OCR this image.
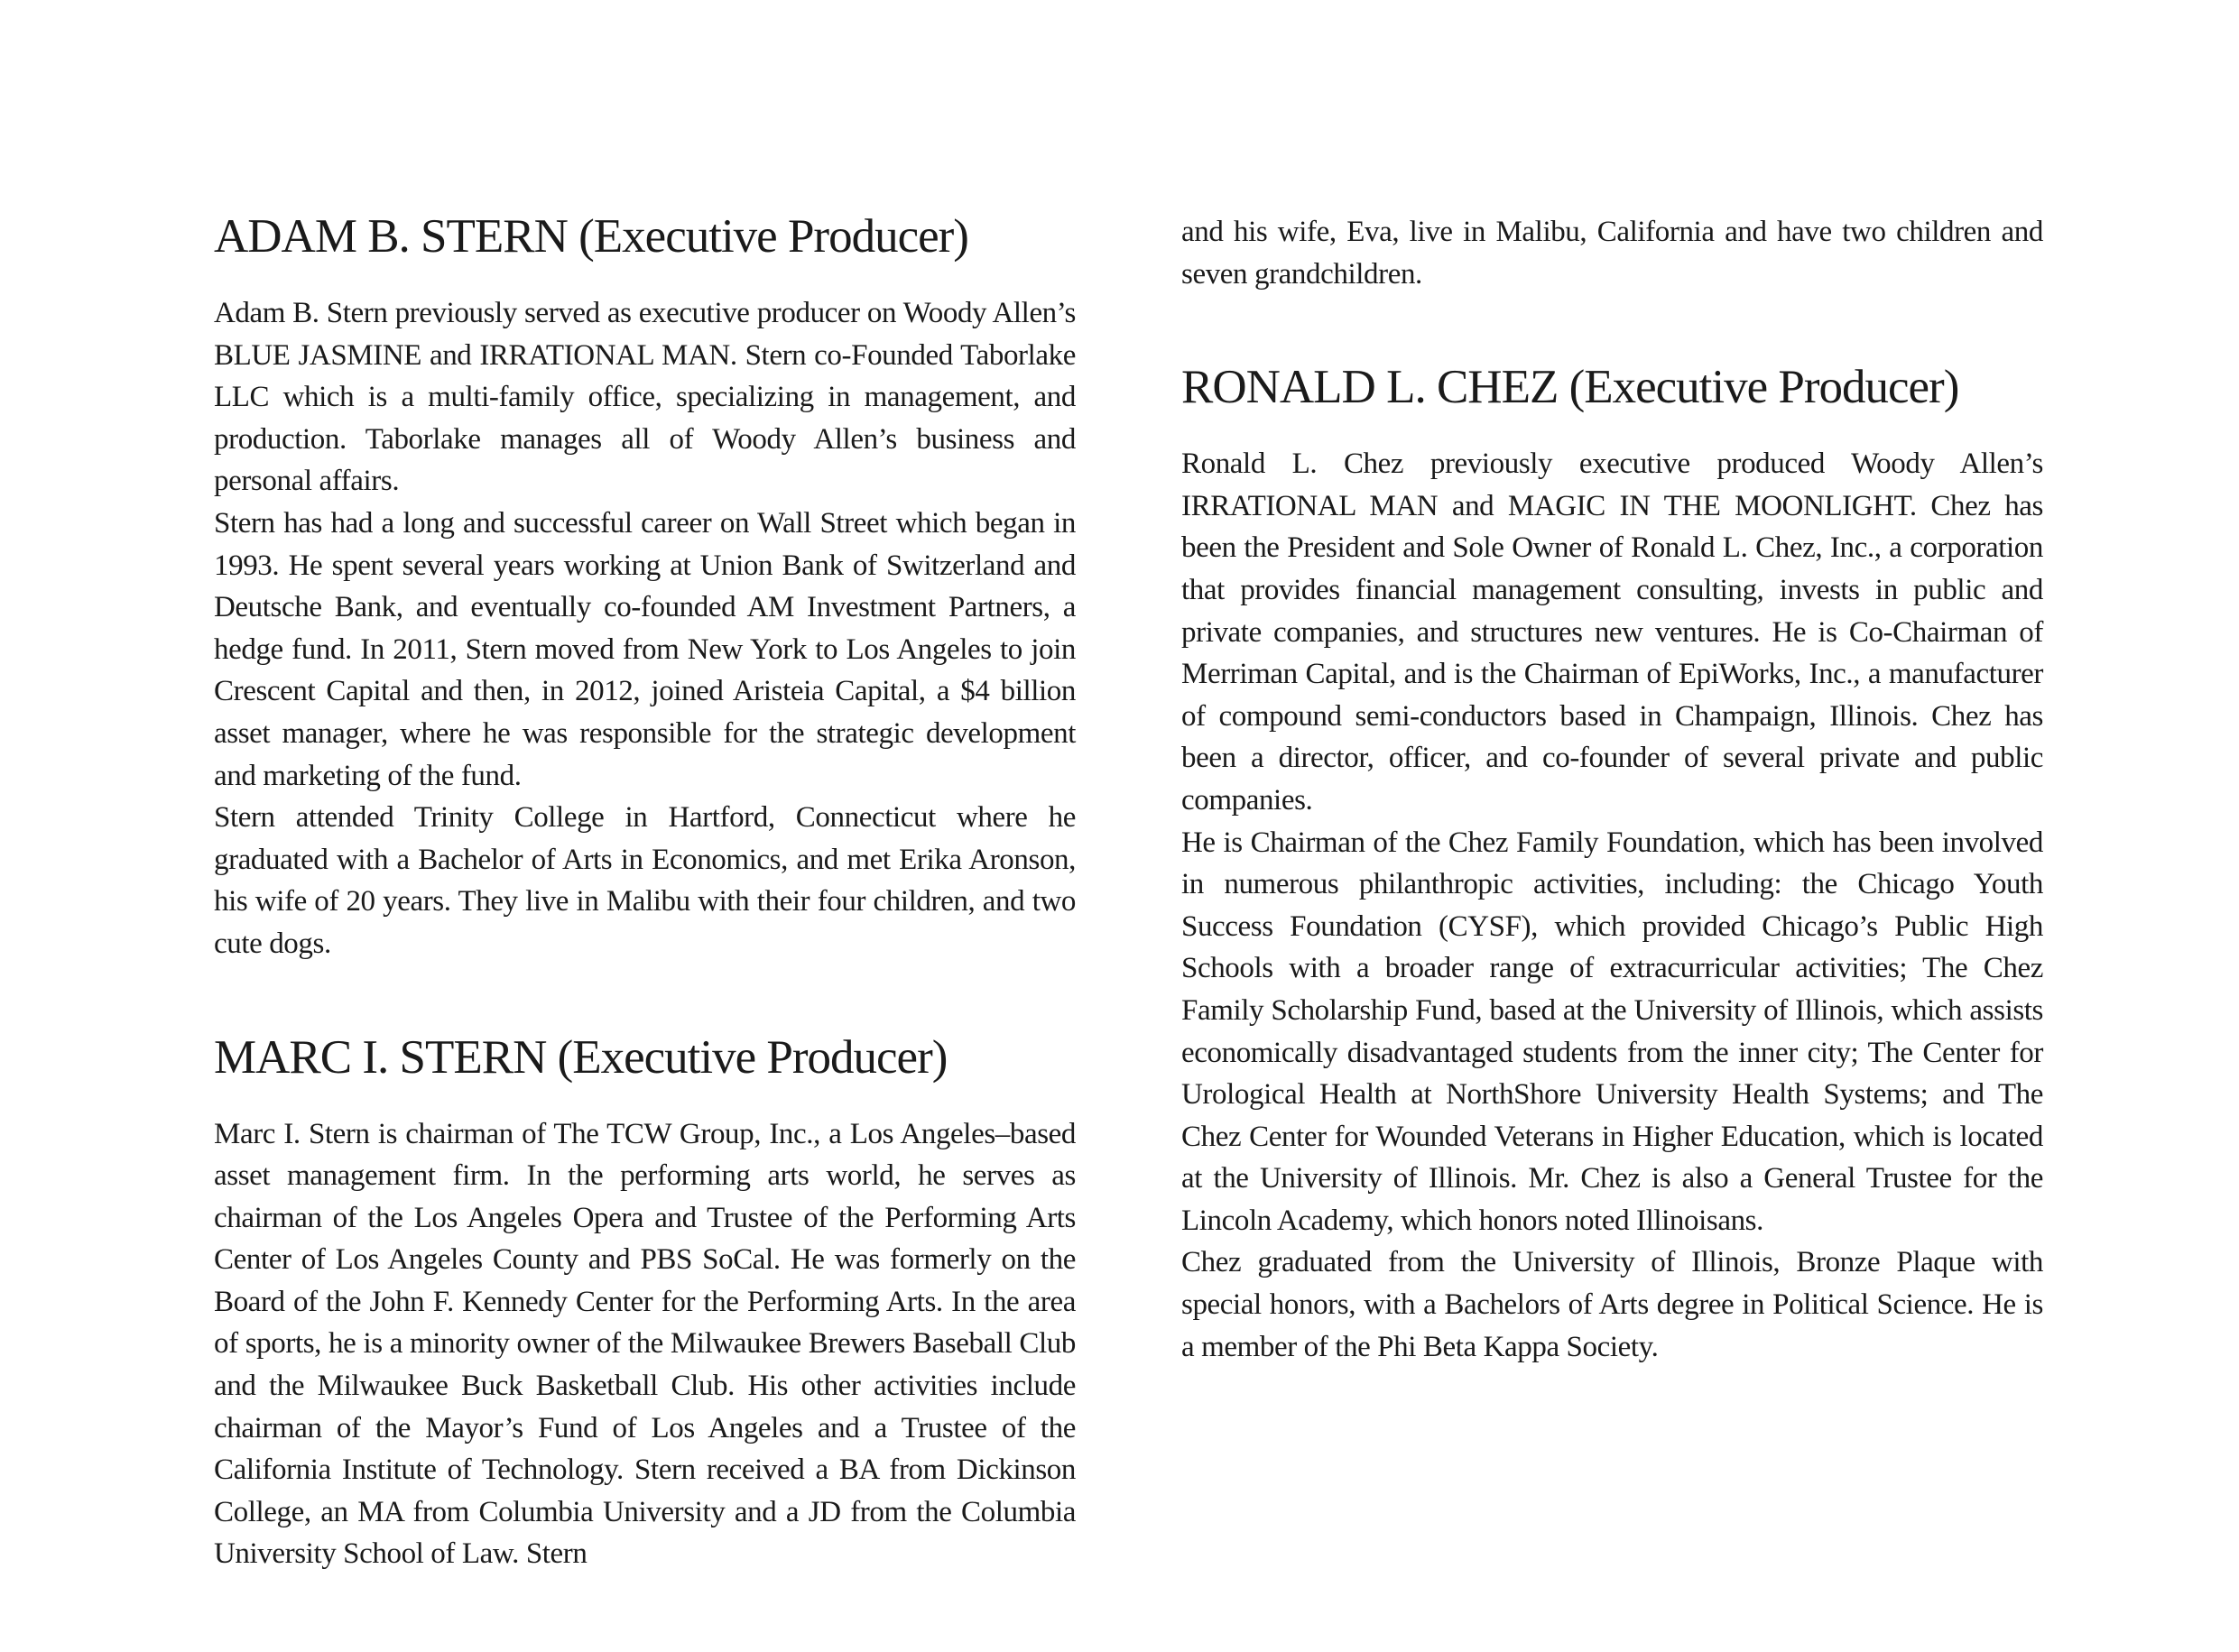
ADAM B. STERN (Executive Producer)

Adam B. Stern previously served as executive producer on Woody Allen’s BLUE JASMINE and IRRATIONAL MAN. Stern co-Founded Taborlake LLC which is a multi-family office, specializing in management, and production. Taborlake manages all of Woody Allen’s business and personal affairs.

Stern has had a long and successful career on Wall Street which began in 1993. He spent several years working at Union Bank of Switzerland and Deutsche Bank, and eventually co-founded AM Investment Partners, a hedge fund. In 2011, Stern moved from New York to Los Angeles to join Crescent Capital and then, in 2012, joined Aristeia Capital, a $4 billion asset manager, where he was responsible for the strategic development and marketing of the fund.

Stern attended Trinity College in Hartford, Connecticut where he graduated with a Bachelor of Arts in Economics, and met Erika Aronson, his wife of 20 years. They live in Malibu with their four children, and two cute dogs.

MARC I. STERN (Executive Producer)

Marc I. Stern is chairman of The TCW Group, Inc., a Los Angeles–based asset management firm. In the performing arts world, he serves as chairman of the Los Angeles Opera and Trustee of the Performing Arts Center of Los Angeles County and PBS SoCal. He was formerly on the Board of the John F. Kennedy Center for the Performing Arts. In the area of sports, he is a minority owner of the Milwaukee Brewers Baseball Club and the Milwaukee Buck Basketball Club. His other activities include chairman of the Mayor’s Fund of Los Angeles and a Trustee of the California Institute of Technology. Stern received a BA from Dickinson College, an MA from Columbia University and a JD from the Columbia University School of Law. Stern

and his wife, Eva, live in Malibu, California and have two children and seven grandchildren.

RONALD L. CHEZ (Executive Producer)

Ronald L. Chez previously executive produced Woody Allen’s IRRATIONAL MAN and MAGIC IN THE MOONLIGHT. Chez has been the President and Sole Owner of Ronald L. Chez, Inc., a corporation that provides financial management consulting, invests in public and private companies, and structures new ventures. He is Co-Chairman of Merriman Capital, and is the Chairman of EpiWorks, Inc., a manufacturer of compound semi-conductors based in Champaign, Illinois. Chez has been a director, officer, and co-founder of several private and public companies.

He is Chairman of the Chez Family Foundation, which has been involved in numerous philanthropic activities, including: the Chicago Youth Success Foundation (CYSF), which provided Chicago’s Public High Schools with a broader range of extracurricular activities; The Chez Family Scholarship Fund, based at the University of Illinois, which assists economically disadvantaged students from the inner city; The Center for Urological Health at NorthShore University Health Systems; and The Chez Center for Wounded Veterans in Higher Education, which is located at the University of Illinois. Mr. Chez is also a General Trustee for the Lincoln Academy, which honors noted Illinoisans.

Chez graduated from the University of Illinois, Bronze Plaque with special honors, with a Bachelors of Arts degree in Political Science. He is a member of the Phi Beta Kappa Society.
